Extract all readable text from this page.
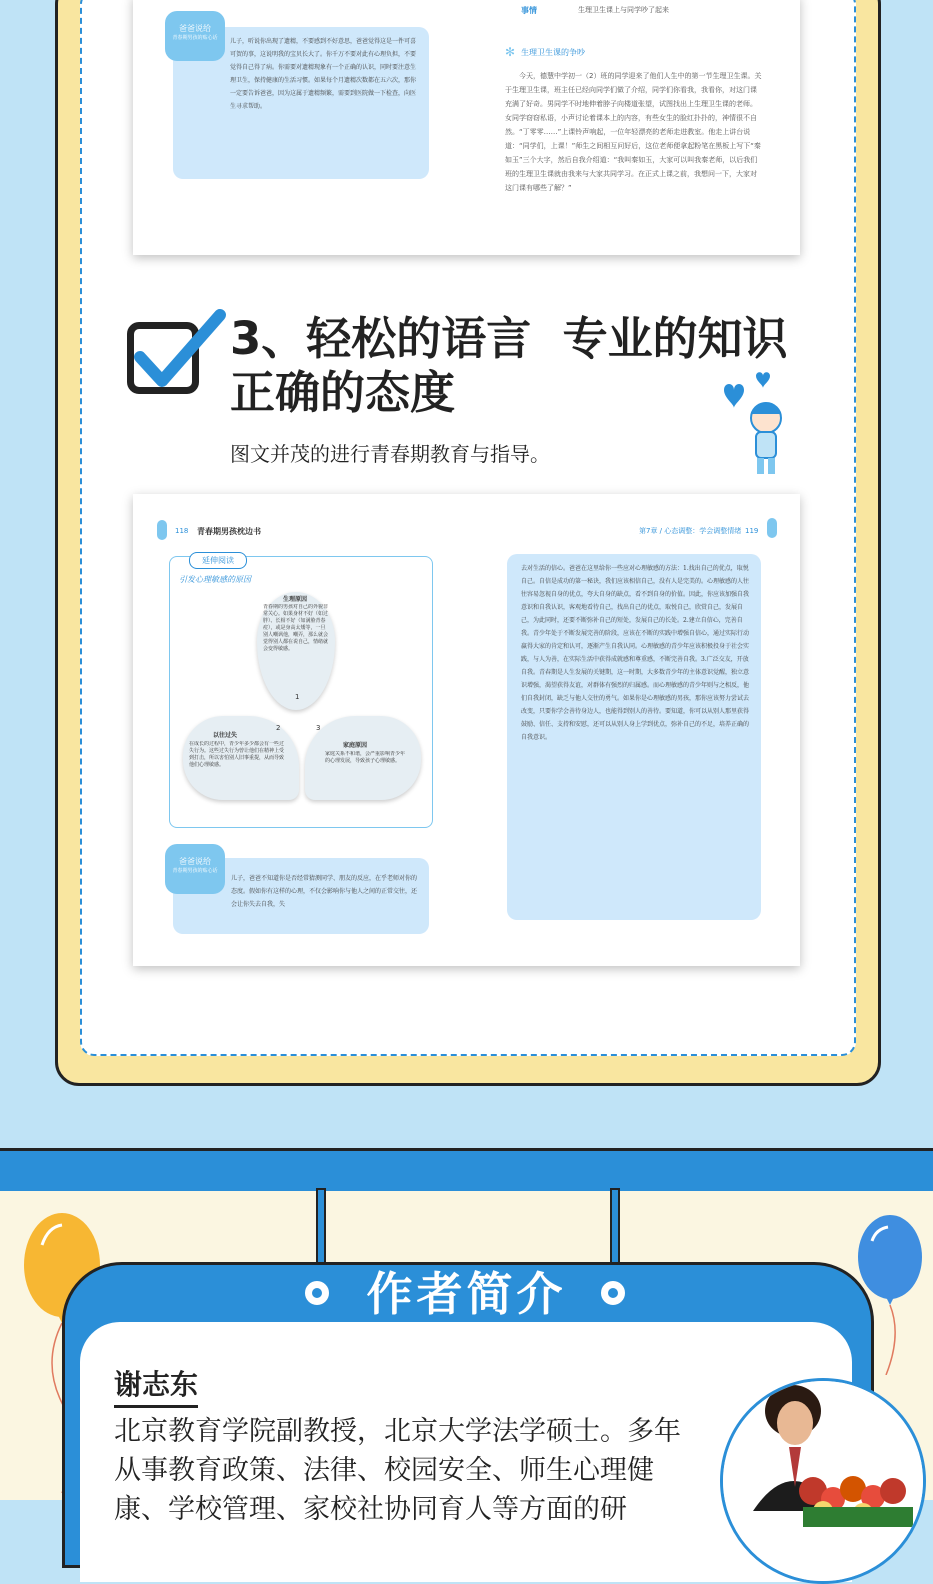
儿子，听说你出现了遗精，不要感到不好意思，爸爸觉得这是一件可喜可贺的事，这说明我的宝贝长大了。你千万不要对此有心理负担，不要觉得自己得了病。你需要对遗精现象有一个正确的认识，同时要注意生理卫生，保持健康的生活习惯。如果每个月遗精次数都在五六次，那你一定要告诉爸爸，因为这属于遗精频繁，需要到医院做一下检查，向医生寻求帮助。
爸爸说给
青春期男孩的贴心话
事情	生理卫生课上与同学吵了起来
✻ 生理卫生课的争吵
今天，德慧中学初一（2）班的同学迎来了他们人生中的第一节生理卫生课。关于生理卫生课，班主任已经向同学们做了介绍，同学们你看我，我看你，对这门课充满了好奇。男同学不时地伸着脖子向楼道张望，试图找出上生理卫生课的老师。女同学窃窃私语，小声讨论着课本上的内容，有些女生的脸红扑扑的，神情很不自然。“丁零零……”上课铃声响起，一位年轻漂亮的老师走进教室。他走上讲台说道：“同学们，上课！”师生之间相互问好后，这位老师便拿起粉笔在黑板上写下“秦如玉”三个大字，然后自我介绍道：“我叫秦如玉，大家可以叫我秦老师，以后我们班的生理卫生课就由我来与大家共同学习。在正式上课之前，我想问一下，大家对这门课有哪些了解？”
3、轻松的语言  专业的知识
正确的态度
图文并茂的进行青春期教育与指导。
118 青春期男孩枕边书	第7章 / 心态调整：学会调整情绪 119
延伸阅读
引发心理敏感的原因
生理原因
青春期的男孩对自己的外貌非常关心。如果身材不好（如过胖）、长相不好（如满脸青春痘），或是身高太矮等，一旦别人嘲讽他，嘲弄，那么就会觉得别人都在说自己，情绪就会变得敏感。
以往过失
在成长的过程中，青少年多少都会有一些过失行为。这些过失行为曾让他们在精神上受到打击，所以害怕别人旧事重提，从而导致他们心理敏感。
家庭原因
家庭关系不和谐，会严重影响青少年的心理发展，导致孩子心理敏感。
1
2	3
儿子，爸爸不知道你是否经常猜测同学、朋友的反应，在乎老师对你的态度。假如你有这样的心理，不仅会影响你与他人之间的正常交往，还会让你失去自我，失
爸爸说给
青春期男孩的贴心话
去对生活的信心。爸爸在这里给你一些应对心理敏感的方法：1.找出自己的优点，取悦自己。自信是成功的第一秘诀，我们应该相信自己，没有人是完美的。心理敏感的人往往容易忽视自身的优点，夸大自身的缺点，看不到自身的价值。因此，你应该加强自我意识和自我认识，客观地看待自己，找出自己的优点，取悦自己，欣赏自己，发展自己，为此同时，还要不断弥补自己的短处，发展自己的长处。2.建立自信心，完善自我。青少年处于不断发展完善的阶段，应该在不断的实践中增强自信心，通过实际行动赢得大家的肯定和认可，逐渐产生自我认同。心理敏感的青少年应该积极投身于社会实践，与人为善，在实际生活中获得成就感和尊重感，不断完善自我。3.广泛交友，开放自我。青春期是人生发展的关键期，这一时期，大多数青少年的主体意识觉醒，独立意识增强，渴望获得友谊，对群体有强烈的归属感。而心理敏感的青少年则与之相反，他们自我封闭，缺乏与他人交往的勇气。如果你是心理敏感的男孩，那你应该努力尝试去改变，只要你学会善待身边人，也能得到别人的善待。要知道，你可以从别人那里获得鼓励、信任、支持和安慰，还可以从别人身上学到优点，弥补自己的不足，培养正确的自我意识。
作者简介
谢志东
北京教育学院副教授，北京大学法学硕士。多年从事教育政策、法律、校园安全、师生心理健康、学校管理、家校社协同育人等方面的研
